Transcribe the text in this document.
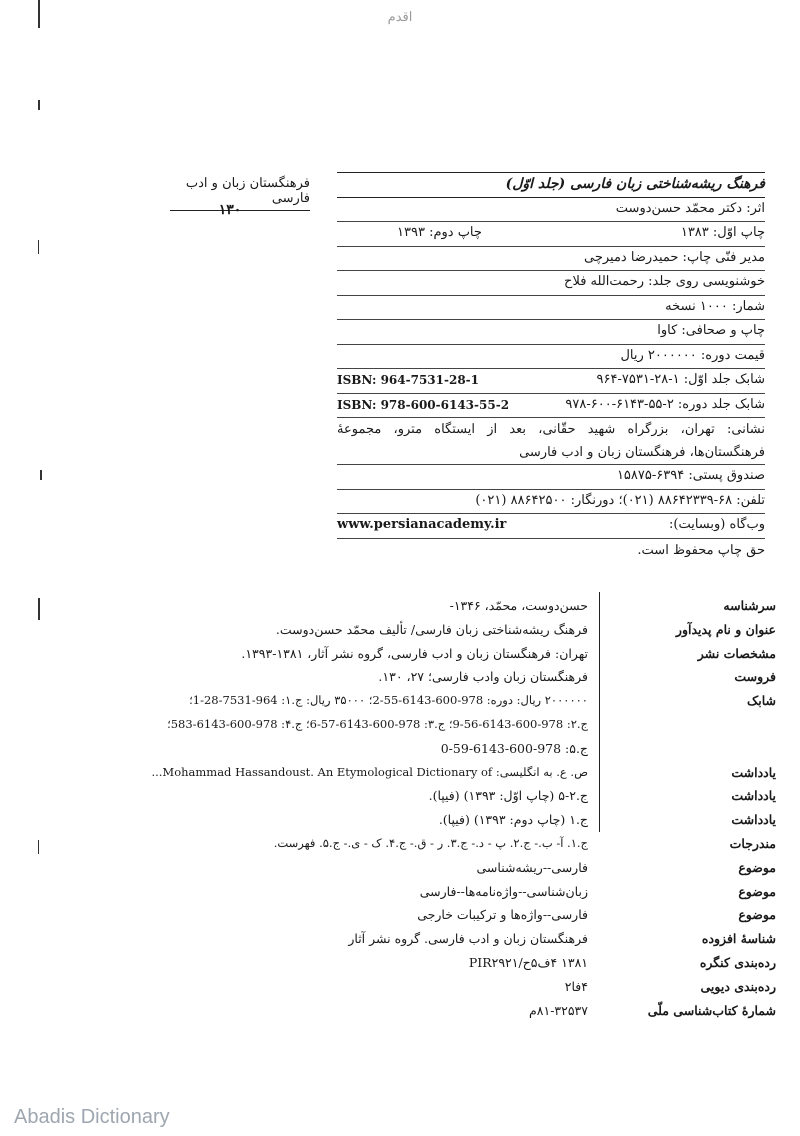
اقدم
فرهنگستان زبان و ادب فارسی
۱۳۰
فرهنگ ریشه‌شناختی زبان فارسی (جلد اوّل)
اثر: دکتر محمّد حسن‌دوست
چاپ اوّل: ۱۳۸۳
چاپ دوم: ۱۳۹۳
مدیر فنّی چاپ: حمیدرضا دمیرچی
خوشنویسی روی جلد: رحمت‌الله فلاح
شمار: ۱۰۰۰ نسخه
چاپ و صحافی: کاوا
قیمت دوره: ۲۰۰۰۰۰۰ ریال
شابک جلد اوّل: ۱-۲۸-۷۵۳۱-۹۶۴
ISBN: 964-7531-28-1
شابک جلد دوره: ۲-۵۵-۶۱۴۳-۶۰۰-۹۷۸
ISBN: 978-600-6143-55-2
نشانی: تهران، بزرگراه شهید حقّانی، بعد از ایستگاه مترو، مجموعهٔ فرهنگستان‌ها، فرهنگستان زبان و ادب فارسی
صندوق پستی: ۶۳۹۴-۱۵۸۷۵
تلفن: ۶۸-۸۸۶۴۲۳۳۹ (۰۲۱)؛ دورنگار: ۸۸۶۴۲۵۰۰ (۰۲۱)
وب‌گاه (وبسایت):
www.persianacademy.ir
حق چاپ محفوظ است.
سرشناسه
عنوان و نام پدیدآور
مشخصات نشر
فروست
شابک
یادداشت
یادداشت
یادداشت
مندرجات
موضوع
موضوع
موضوع
شناسهٔ افزوده
رده‌بندی کنگره
رده‌بندی دیویی
شمارهٔ کتاب‌شناسی ملّی
حسن‌دوست، محمّد، ۱۳۴۶-
فرهنگ ریشه‌شناختی زبان فارسی/ تألیف محمّد حسن‌دوست.
تهران: فرهنگستان زبان و ادب فارسی، گروه نشر آثار، ۱۳۸۱-۱۳۹۳.
فرهنگستان زبان وادب فارسی؛ ۲۷، ۱۳۰.
۲۰۰۰۰۰۰ ریال: دوره: 978-600-6143-55-2؛ ۳۵۰۰۰ ریال: ج.۱: 964-7531-28-1؛
ج.۲: 978-600-6143-56-9؛ ج.۳: 978-600-6143-57-6؛ ج.۴: 978-600-6143-583؛
ج.۵: 978-600-6143-59-0
ص. ع. به انگلیسی: Mohammad Hassandoust. An Etymological Dictionary of...
ج.۲-۵ (چاپ اوّل: ۱۳۹۳) (فیپا).
ج.۱ (چاپ دوم: ۱۳۹۳) (فیپا).
ج.۱. آ- ب.- ج.۲. پ - د.- ج.۳. ر - ق.- ج.۴. ک - ی.- ج.۵. فهرست.
فارسی--ریشه‌شناسی
زبان‌شناسی--واژه‌نامه‌ها--فارسی
فارسی--واژه‌ها و ترکیبات خارجی
فرهنگستان زبان و ادب فارسی. گروه نشر آثار
۱۳۸۱ ۴ف۵ح/PIR۲۹۲۱
۴فا۲
۸۱-۳۲۵۳۷م
Abadis Dictionary
